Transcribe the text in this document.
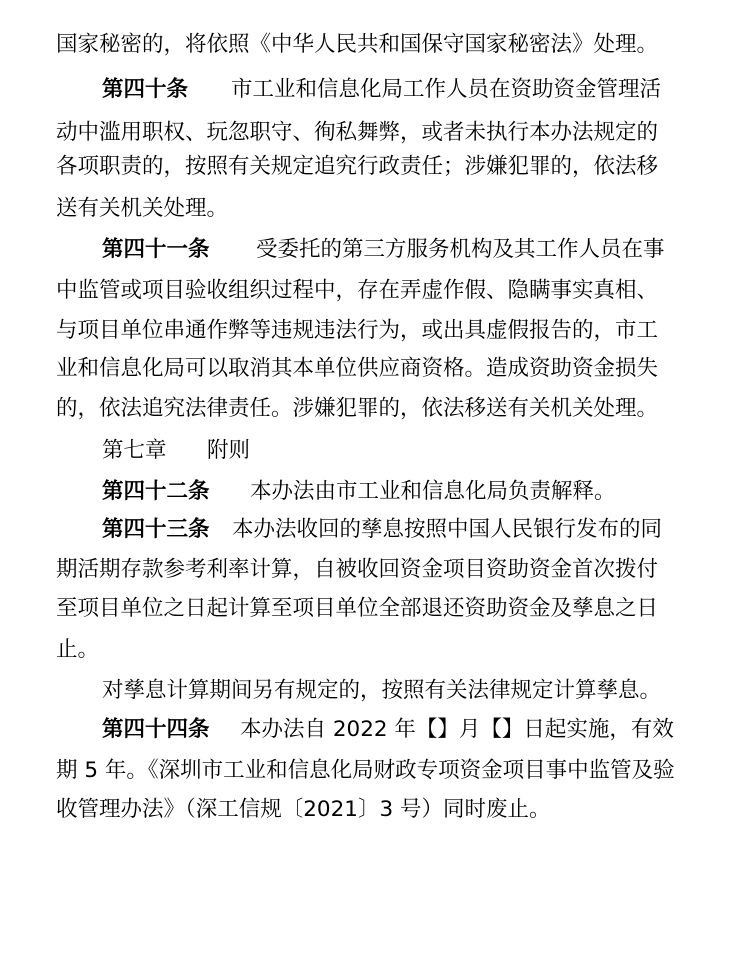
国家秘密的，将依照《中华人民共和国保守国家秘密法》处理。
第四十条 市工业和信息化局工作人员在资助资金管理活
动中滥用职权、玩忽职守、徇私舞弊，或者未执行本办法规定的
各项职责的，按照有关规定追究行政责任；涉嫌犯罪的，依法移
送有关机关处理。
第四十一条 受委托的第三方服务机构及其工作人员在事
中监管或项目验收组织过程中，存在弄虚作假、隐瞒事实真相、
与项目单位串通作弊等违规违法行为，或出具虚假报告的，市工
业和信息化局可以取消其本单位供应商资格。造成资助资金损失
的，依法追究法律责任。涉嫌犯罪的，依法移送有关机关处理。
第七章 附则
第四十二条 本办法由市工业和信息化局负责解释。
第四十三条 本办法收回的孳息按照中国人民银行发布的同
期活期存款参考利率计算，自被收回资金项目资助资金首次拨付
至项目单位之日起计算至项目单位全部退还资助资金及孳息之日
止。
对孳息计算期间另有规定的，按照有关法律规定计算孳息。
第四十四条 本办法自 2022 年【】月【】日起实施，有效
期 5 年。《深圳市工业和信息化局财政专项资金项目事中监管及验
收管理办法》（深工信规〔2021〕3 号）同时废止。
